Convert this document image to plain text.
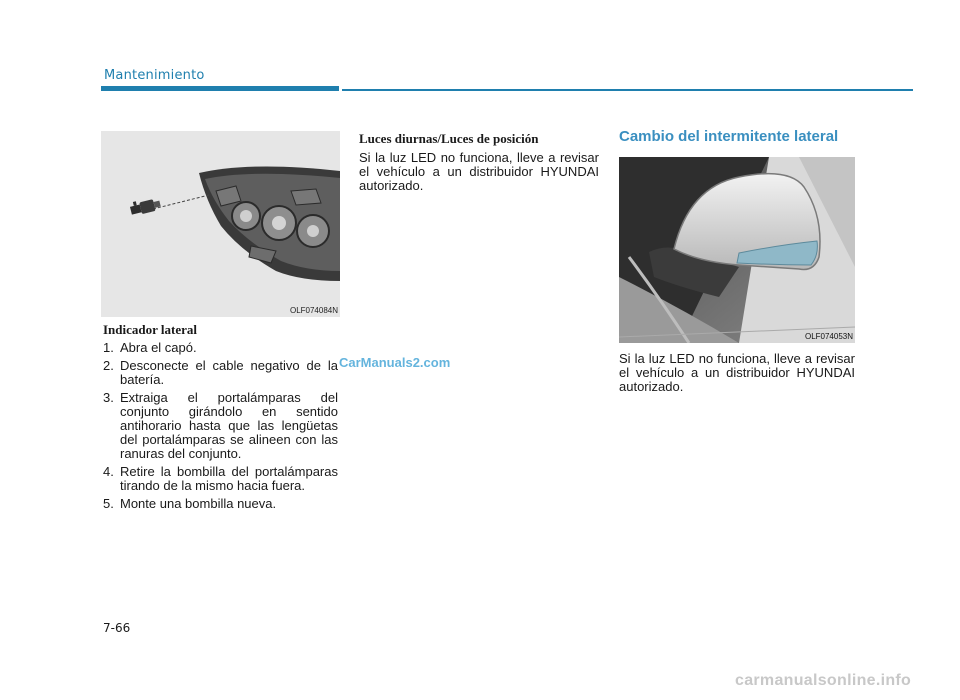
Mantenimiento
OLF074084N
Indicador lateral
1. Abra el capó.
2. Desconecte el cable negativo de la batería.
3. Extraiga el portalámparas del conjunto girándolo en sentido antihorario hasta que las lengüetas del portalámparas se alineen con las ranuras del conjunto.
4. Retire la bombilla del portalámparas tirando de la mismo hacia fuera.
5. Monte una bombilla nueva.
Luces diurnas/Luces de posición
Si la luz LED no funciona, lleve a revisar el vehículo a un distribuidor HYUNDAI autorizado.
Cambio del intermitente lateral
OLF074053N
Si la luz LED no funciona, lleve a revisar el vehículo a un distribuidor HYUNDAI autorizado.
7-66
CarManuals2.com
carmanualsonline.info
